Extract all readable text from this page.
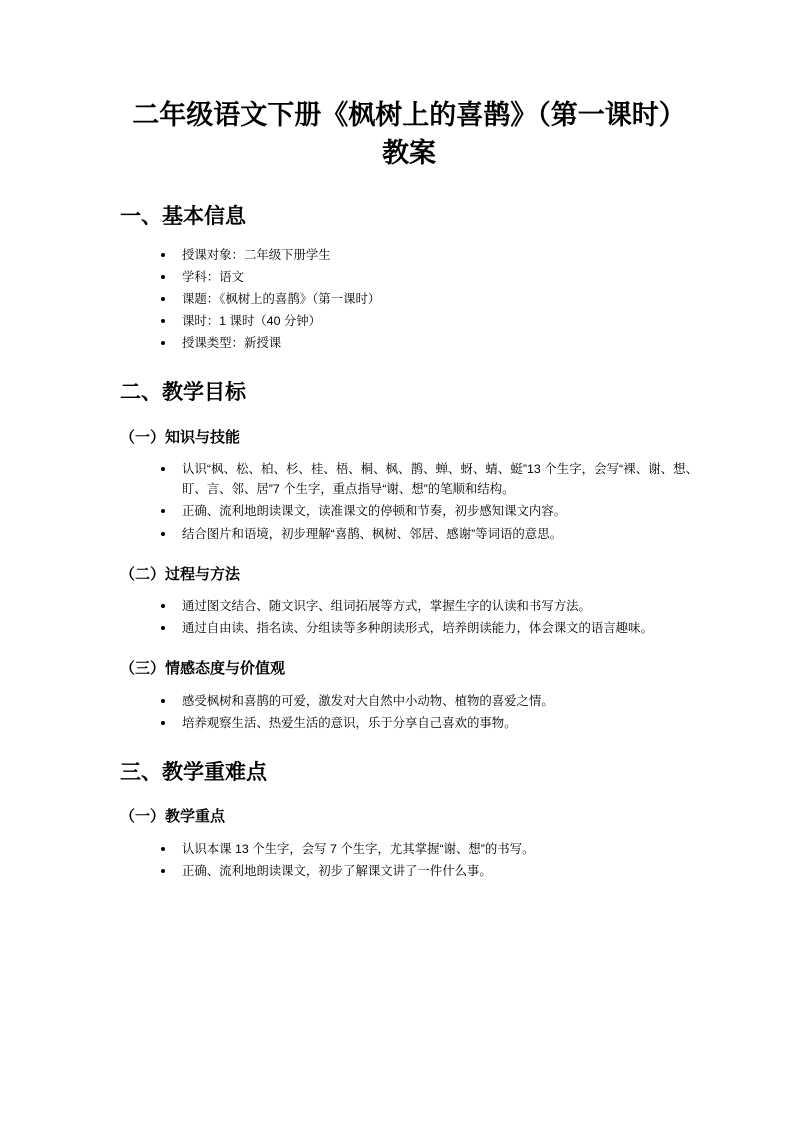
二年级语文下册《枫树上的喜鹊》（第一课时）教案
一、基本信息
• 授课对象：二年级下册学生
• 学科：语文
• 课题：《枫树上的喜鹊》（第一课时）
• 课时：1 课时（40 分钟）
• 授课类型：新授课
二、教学目标
（一）知识与技能
• 认识“枫、松、柏、杉、桂、梧、桐、枫、鹊、蝉、蚜、蜻、蜓”13 个生字，会写“裸、谢、想、盯、言、邻、居”7 个生字，重点指导“谢、想”的笔顺和结构。
• 正确、流利地朗读课文，读准课文的停顿和节奏，初步感知课文内容。
• 结合图片和语境，初步理解“喜鹊、枫树、邻居、感谢”等词语的意思。
（二）过程与方法
• 通过图文结合、随文识字、组词拓展等方式，掌握生字的认读和书写方法。
• 通过自由读、指名读、分组读等多种朗读形式，培养朗读能力，体会课文的语言趣味。
（三）情感态度与价值观
• 感受枫树和喜鹊的可爱，激发对大自然中小动物、植物的喜爱之情。
• 培养观察生活、热爱生活的意识，乐于分享自己喜欢的事物。
三、教学重难点
（一）教学重点
• 认识本课 13 个生字，会写 7 个生字，尤其掌握“谢、想”的书写。
• 正确、流利地朗读课文，初步了解课文讲了一件什么事。
